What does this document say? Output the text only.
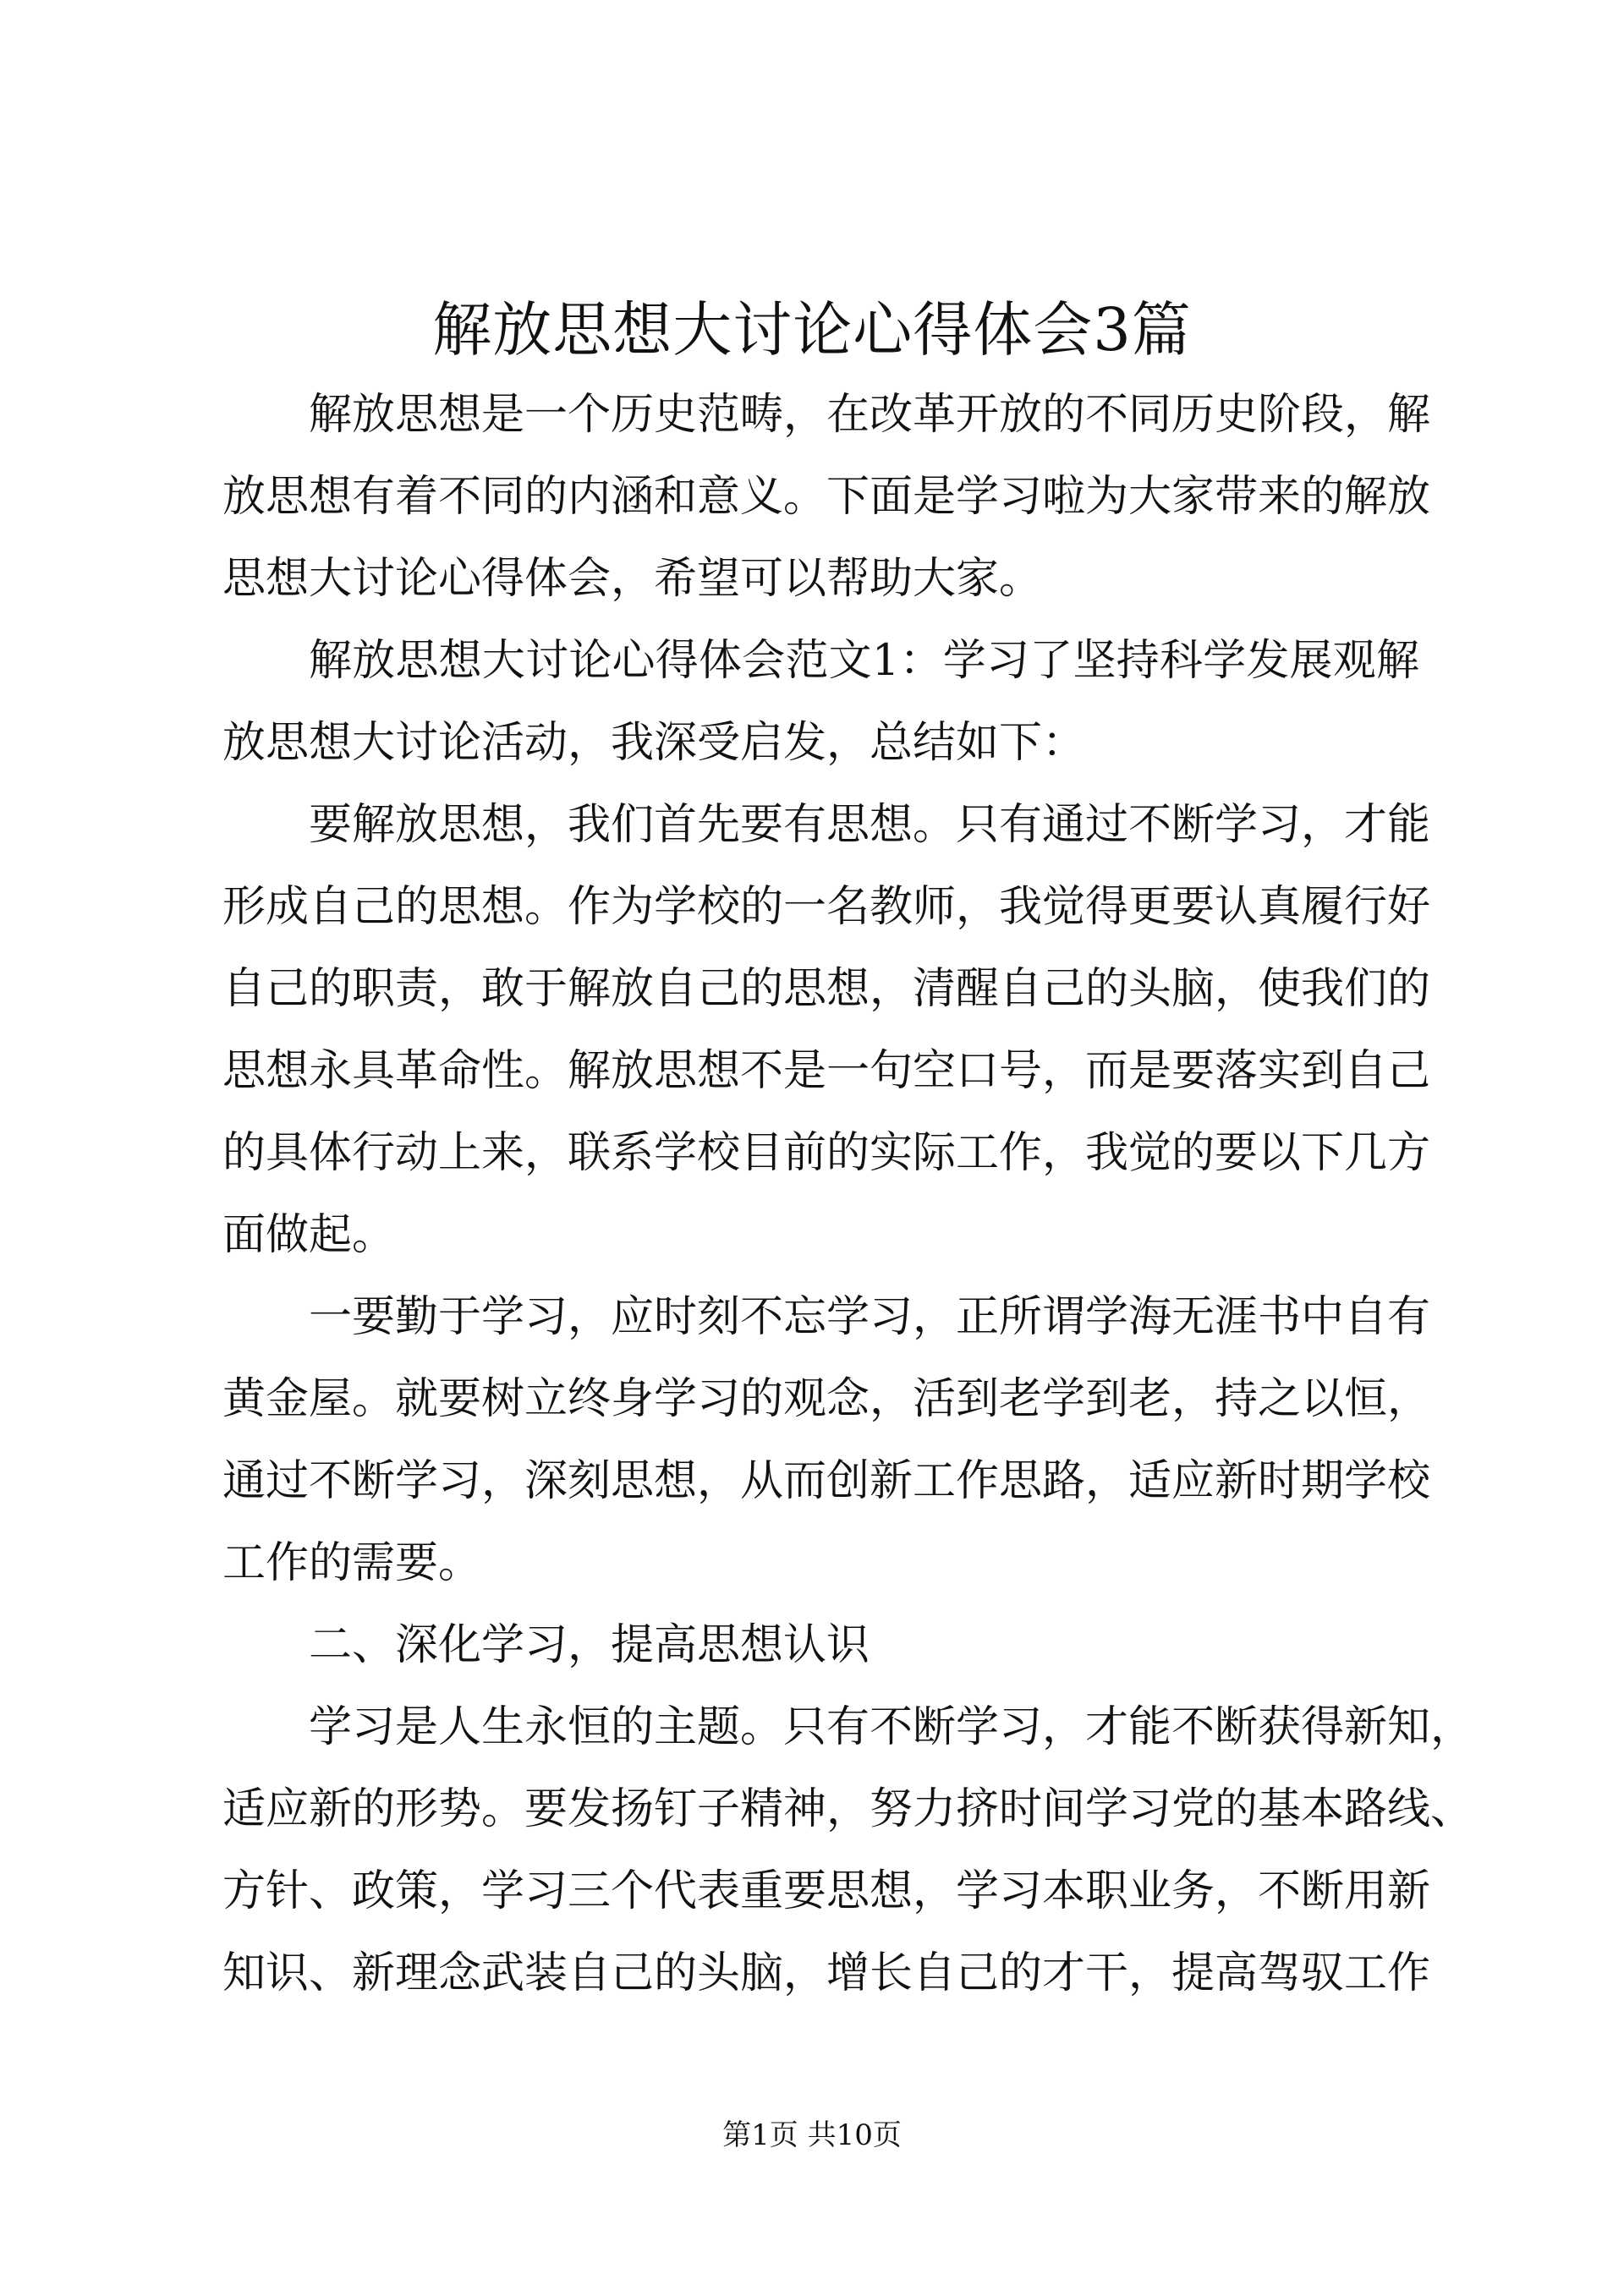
解放思想大讨论心得体会3篇
解放思想是一个历史范畴，在改革开放的不同历史阶段，解
放思想有着不同的内涵和意义。下面是学习啦为大家带来的解放
思想大讨论心得体会，希望可以帮助大家。
解放思想大讨论心得体会范文1：学习了坚持科学发展观解
放思想大讨论活动，我深受启发，总结如下：
要解放思想，我们首先要有思想。只有通过不断学习，才能
形成自己的思想。作为学校的一名教师，我觉得更要认真履行好
自己的职责，敢于解放自己的思想，清醒自己的头脑，使我们的
思想永具革命性。解放思想不是一句空口号，而是要落实到自己
的具体行动上来，联系学校目前的实际工作，我觉的要以下几方
面做起。
一要勤于学习，应时刻不忘学习，正所谓学海无涯书中自有
黄金屋。就要树立终身学习的观念，活到老学到老，持之以恒，
通过不断学习，深刻思想，从而创新工作思路，适应新时期学校
工作的需要。
二、深化学习，提高思想认识
学习是人生永恒的主题。只有不断学习，才能不断获得新知，
适应新的形势。要发扬钉子精神，努力挤时间学习党的基本路线、
方针、政策，学习三个代表重要思想，学习本职业务，不断用新
知识、新理念武装自己的头脑，增长自己的才干，提高驾驭工作
第1页 共10页
